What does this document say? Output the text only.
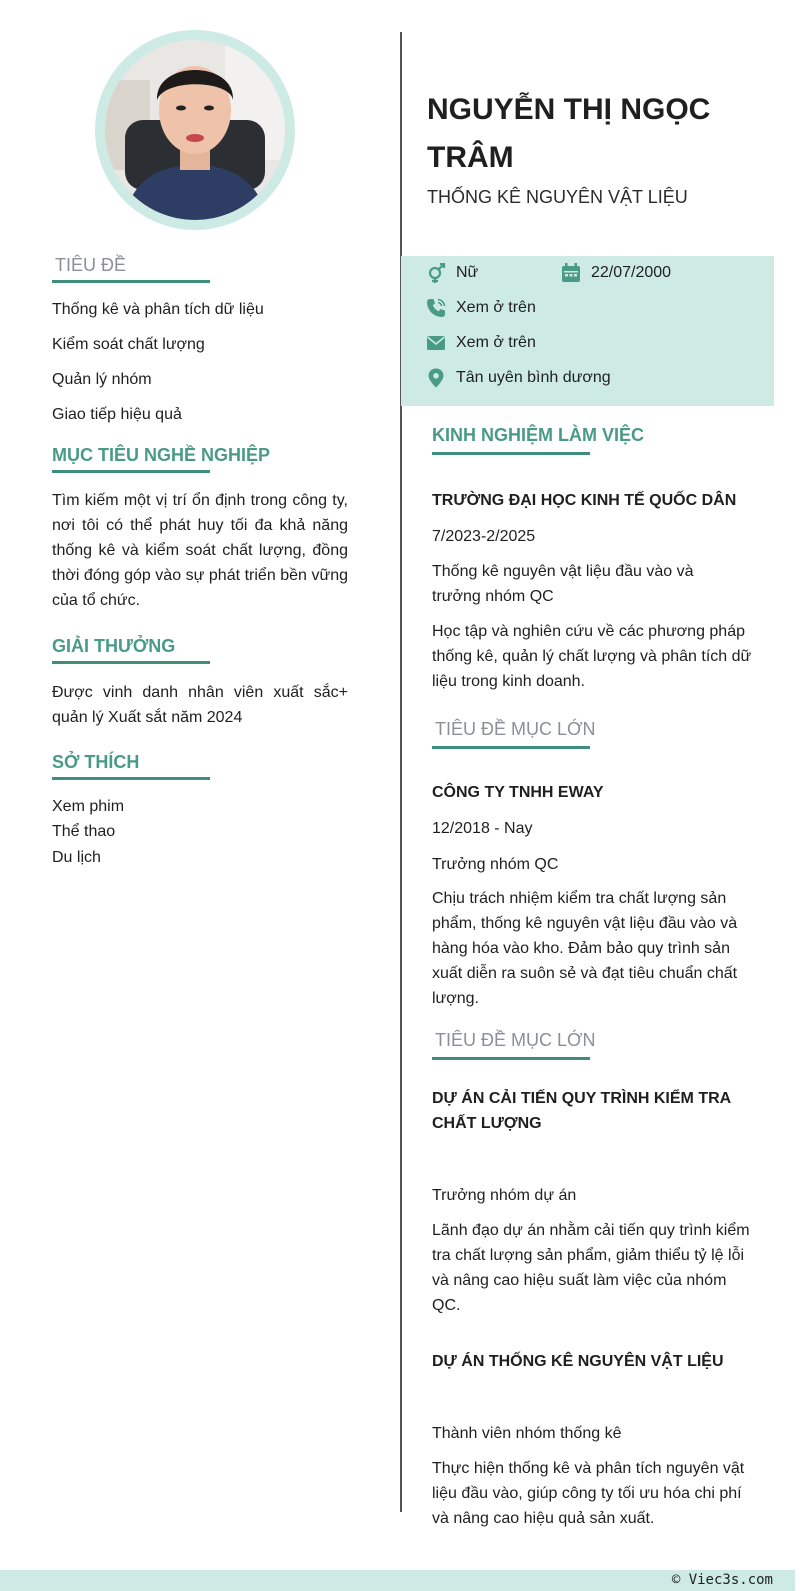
TIÊU ĐỀ
Thống kê và phân tích dữ liệu
Kiểm soát chất lượng
Quản lý nhóm
Giao tiếp hiệu quả
MỤC TIÊU NGHỀ NGHIỆP
Tìm kiếm một vị trí ổn định trong công ty, nơi tôi có thể phát huy tối đa khả năng thống kê và kiểm soát chất lượng, đồng thời đóng góp vào sự phát triển bền vững của tổ chức.
GIẢI THƯỞNG
Được vinh danh nhân viên xuất sắc+ quản lý Xuất sắt năm 2024
SỞ THÍCH
Xem phim
Thể thao
Du lịch
NGUYỄN THỊ NGỌC TRÂM
THỐNG KÊ NGUYÊN VẬT LIỆU
Nữ	22/07/2000
Xem ở trên
Xem ở trên
Tân uyên bình dương
KINH NGHIỆM LÀM VIỆC
TRƯỜNG ĐẠI HỌC KINH TẾ QUỐC DÂN
7/2023-2/2025
Thống kê nguyên vật liệu đầu vào và trưởng nhóm QC
Học tập và nghiên cứu về các phương pháp thống kê, quản lý chất lượng và phân tích dữ liệu trong kinh doanh.
TIÊU ĐỀ MỤC LỚN
CÔNG TY TNHH EWAY
12/2018 - Nay
Trưởng nhóm QC
Chịu trách nhiệm kiểm tra chất lượng sản phẩm, thống kê nguyên vật liệu đầu vào và hàng hóa vào kho. Đảm bảo quy trình sản xuất diễn ra suôn sẻ và đạt tiêu chuẩn chất lượng.
TIÊU ĐỀ MỤC LỚN
DỰ ÁN CẢI TIẾN QUY TRÌNH KIỂM TRA CHẤT LƯỢNG
Trưởng nhóm dự án
Lãnh đạo dự án nhằm cải tiến quy trình kiểm tra chất lượng sản phẩm, giảm thiểu tỷ lệ lỗi và nâng cao hiệu suất làm việc của nhóm QC.
DỰ ÁN THỐNG KÊ NGUYÊN VẬT LIỆU
Thành viên nhóm thống kê
Thực hiện thống kê và phân tích nguyên vật liệu đầu vào, giúp công ty tối ưu hóa chi phí và nâng cao hiệu quả sản xuất.
© Viec3s.com
